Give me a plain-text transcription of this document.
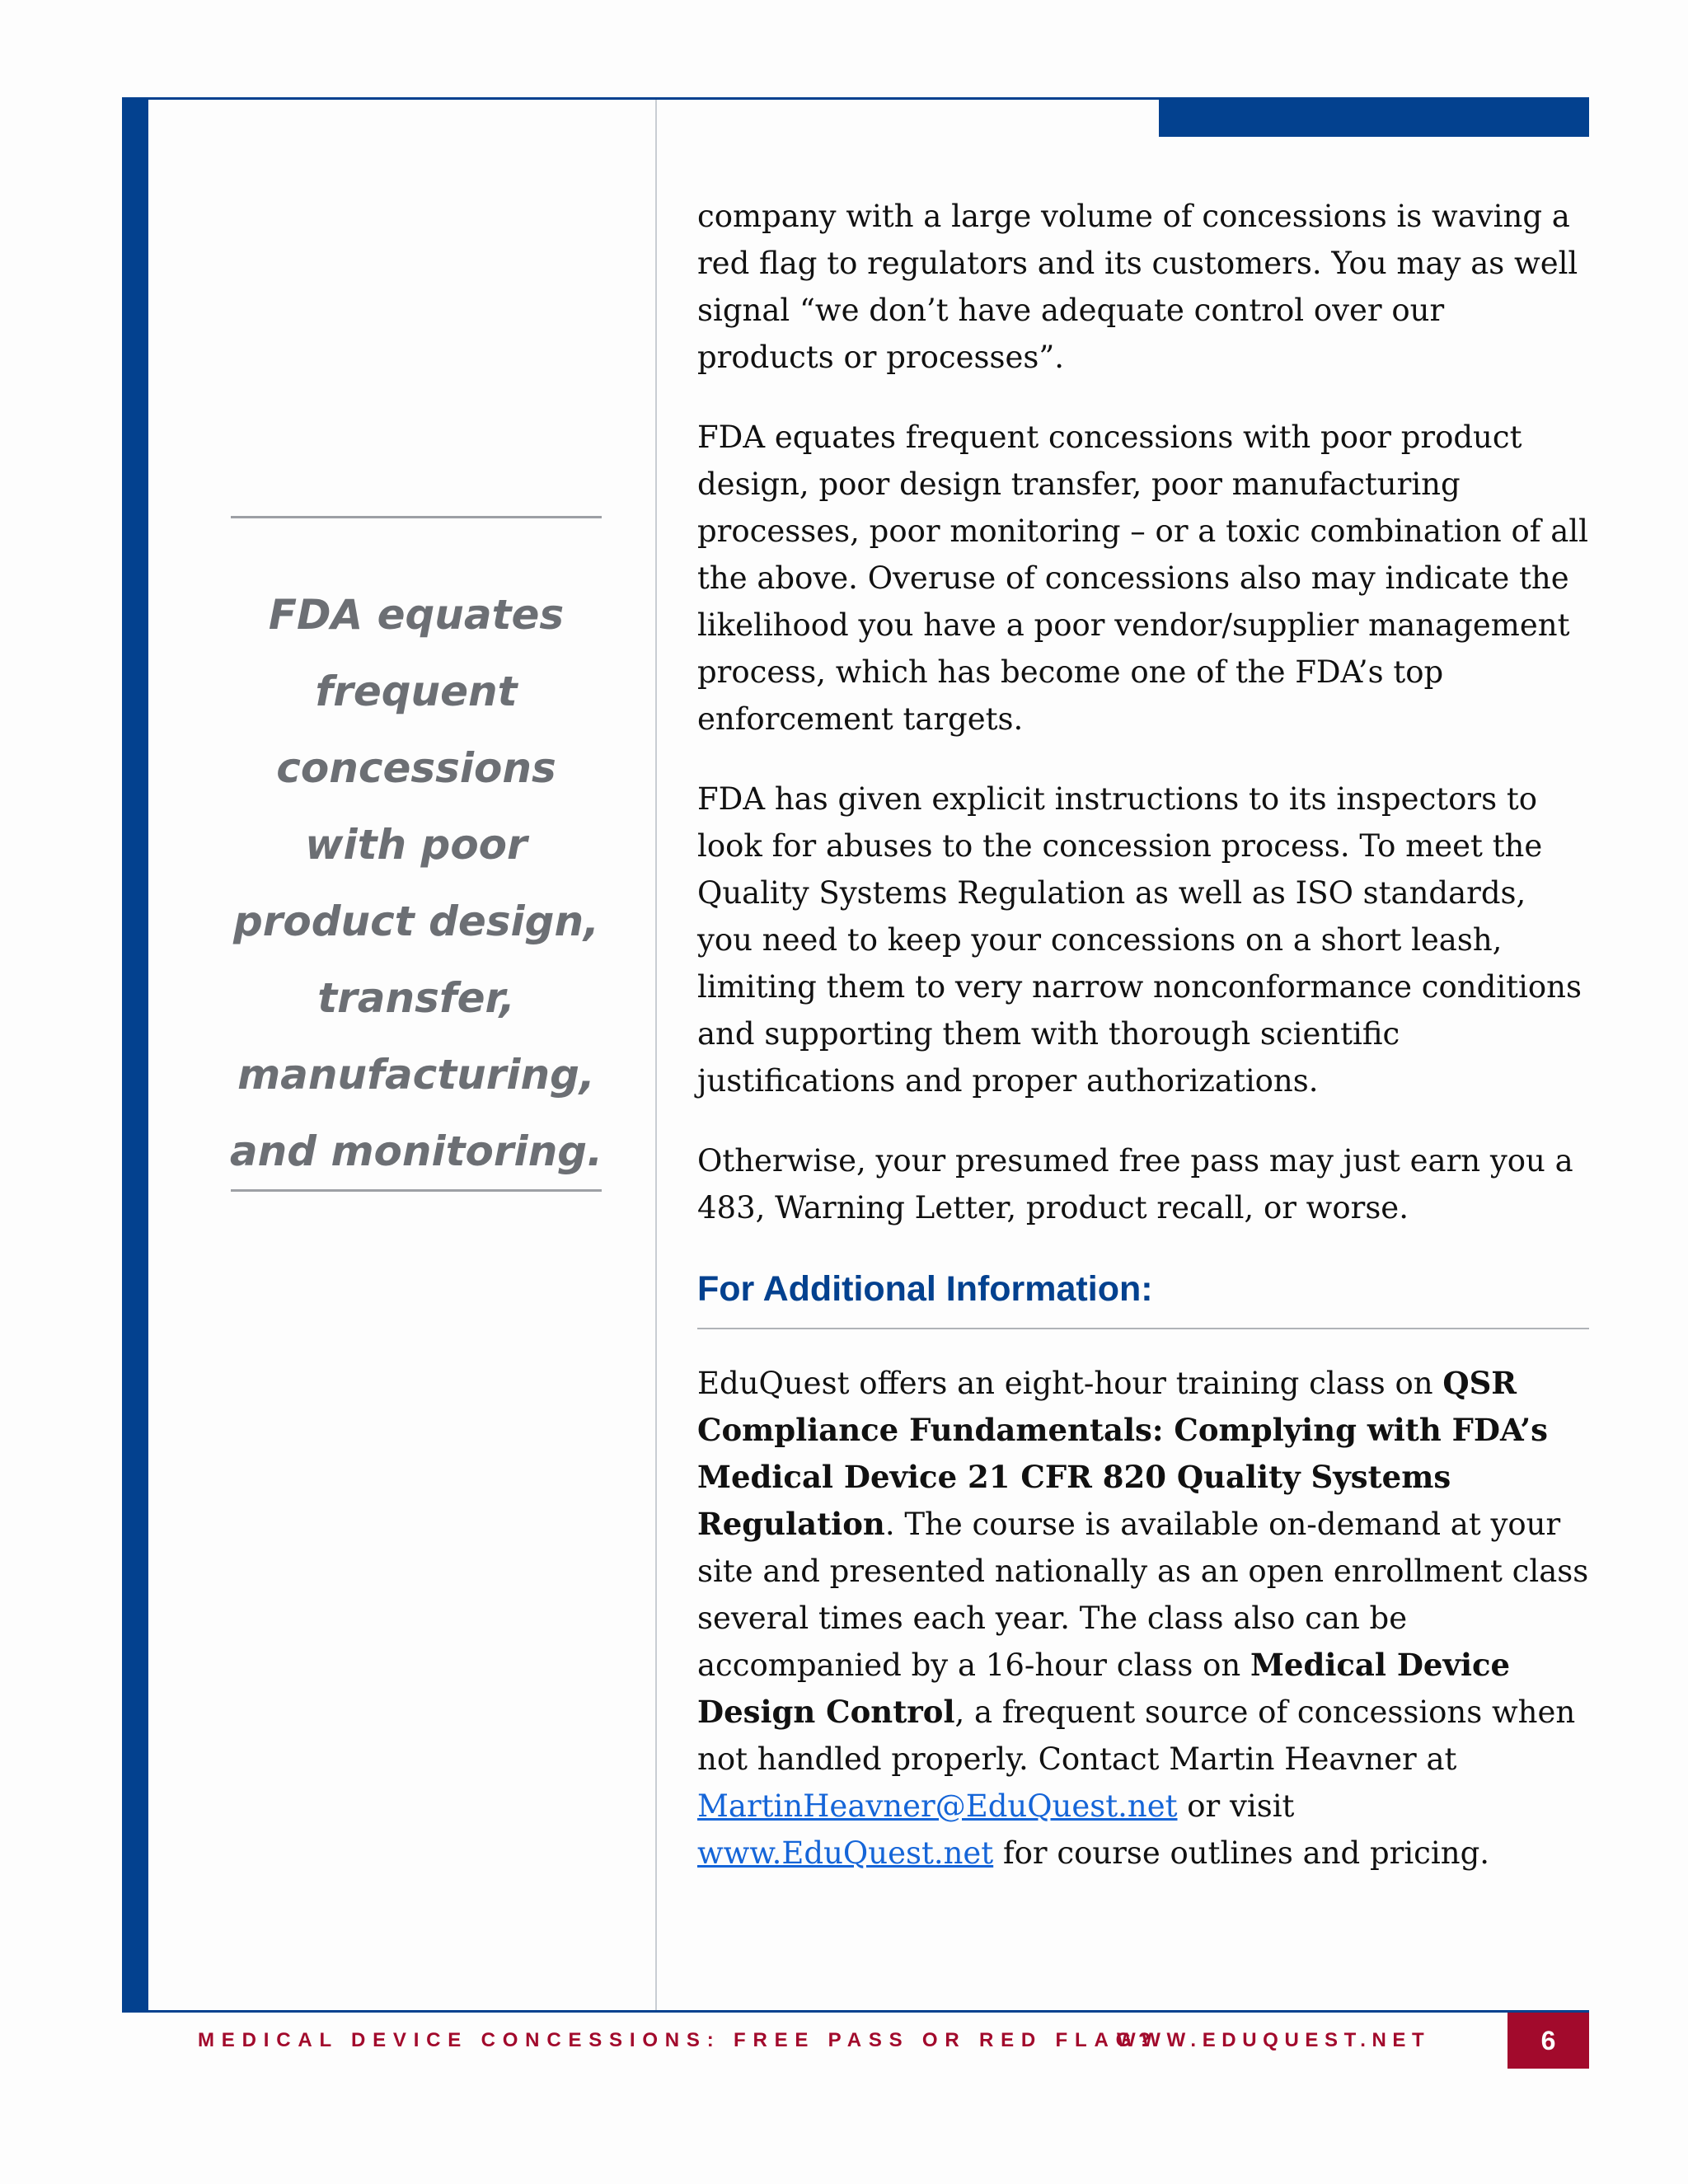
FDA equates frequent concessions with poor product design, transfer, manufacturing, and monitoring.

company with a large volume of concessions is waving a red flag to regulators and its customers. You may as well signal “we don’t have adequate control over our products or processes”.

FDA equates frequent concessions with poor product design, poor design transfer, poor manufacturing processes, poor monitoring – or a toxic combination of all the above. Overuse of concessions also may indicate the likelihood you have a poor vendor/supplier management process, which has become one of the FDA’s top enforcement targets.

FDA has given explicit instructions to its inspectors to look for abuses to the concession process. To meet the Quality Systems Regulation as well as ISO standards, you need to keep your concessions on a short leash, limiting them to very narrow nonconformance conditions and supporting them with thorough scientific justifications and proper authorizations.

Otherwise, your presumed free pass may just earn you a 483, Warning Letter, product recall, or worse.

For Additional Information:

EduQuest offers an eight-hour training class on QSR Compliance Fundamentals: Complying with FDA’s Medical Device 21 CFR 820 Quality Systems Regulation. The course is available on-demand at your site and presented nationally as an open enrollment class several times each year. The class also can be accompanied by a 16-hour class on Medical Device Design Control, a frequent source of concessions when not handled properly. Contact Martin Heavner at MartinHeavner@EduQuest.net or visit www.EduQuest.net for course outlines and pricing.

MEDICAL DEVICE CONCESSIONS: FREE PASS OR RED FLAG?
WWW.EDUQUEST.NET	6
